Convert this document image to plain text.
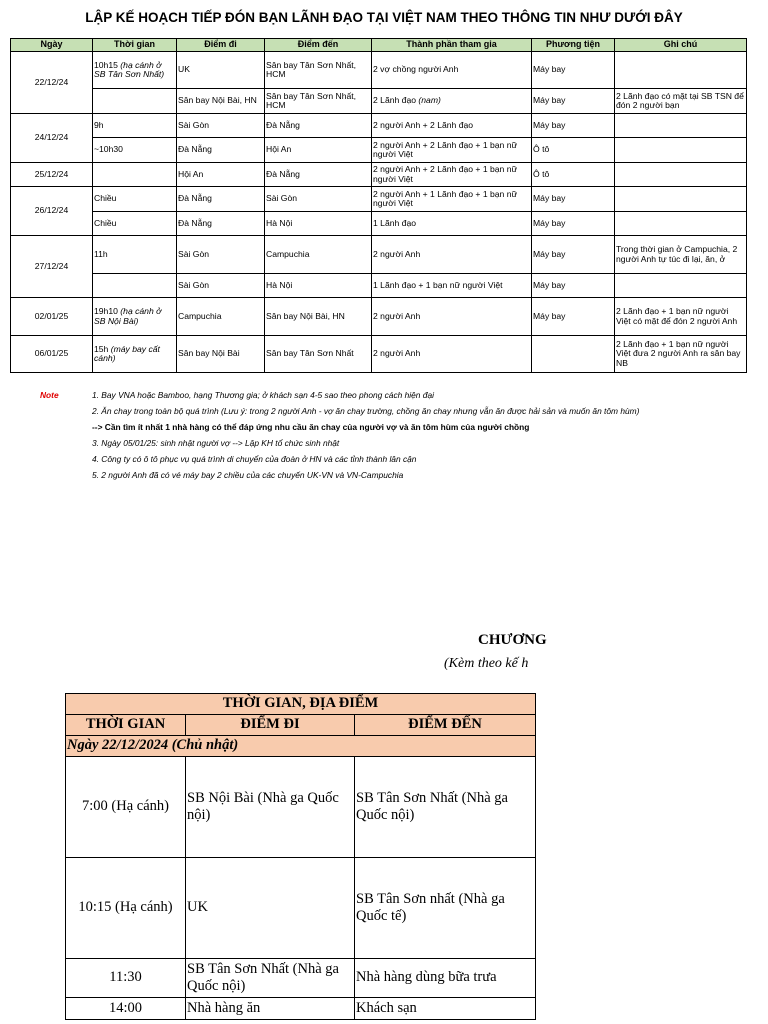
LẬP KẾ HOẠCH TIẾP ĐÓN BẠN LÃNH ĐẠO TẠI VIỆT NAM THEO THÔNG TIN NHƯ DƯỚI ĐÂY
Ngày	Thời gian	Điểm đi	Điểm đến	Thành phần tham gia	Phương tiện	Ghi chú
22/12/24	10h15 (hạ cánh ở SB Tân Sơn Nhất)	UK	Sân bay Tân Sơn Nhất, HCM	2 vợ chồng người Anh	Máy bay	
		Sân bay Nội Bài, HN	Sân bay Tân Sơn Nhất, HCM	2 Lãnh đạo (nam)	Máy bay	2 Lãnh đạo có mặt tại SB TSN để đón 2 người bạn
24/12/24	9h	Sài Gòn	Đà Nẵng	2 người Anh + 2 Lãnh đạo	Máy bay	
	~10h30	Đà Nẵng	Hội An	2 người Anh + 2 Lãnh đạo + 1 bạn nữ người Việt	Ô tô	
25/12/24		Hội An	Đà Nẵng	2 người Anh + 2 Lãnh đạo + 1 bạn nữ người Việt	Ô tô	
26/12/24	Chiều	Đà Nẵng	Sài Gòn	2 người Anh + 1 Lãnh đạo + 1 bạn nữ người Việt	Máy bay	
	Chiều	Đà Nẵng	Hà Nội	1 Lãnh đạo	Máy bay	
27/12/24	11h	Sài Gòn	Campuchia	2 người Anh	Máy bay	Trong thời gian ở Campuchia, 2 người Anh tự túc đi lại, ăn, ở
		Sài Gòn	Hà Nội	1 Lãnh đạo + 1 bạn nữ người Việt	Máy bay	
02/01/25	19h10 (hạ cánh ở SB Nội Bài)	Campuchia	Sân bay Nội Bài, HN	2 người Anh	Máy bay	2 Lãnh đạo + 1 bạn nữ người Việt có mặt để đón 2 người Anh
06/01/25	15h (máy bay cất cánh)	Sân bay Nội Bài	Sân bay Tân Sơn Nhất	2 người Anh		2 Lãnh đạo + 1 bạn nữ người Việt đưa 2 người Anh ra sân bay NB
Note	1. Bay VNA hoặc Bamboo, hạng Thương gia; ở khách sạn 4-5 sao theo phong cách hiện đại
2. Ăn chay trong toàn bộ quá trình (Lưu ý: trong 2 người Anh - vợ ăn chay trường, chồng ăn chay nhưng vẫn ăn được hải sản và muốn ăn tôm hùm)
--> Cần tìm ít nhất 1 nhà hàng có thể đáp ứng nhu cầu ăn chay của người vợ và ăn tôm hùm của người chồng
3. Ngày 05/01/25: sinh nhật người vợ --> Lập KH tổ chức sinh nhật
4. Công ty có ô tô phục vụ quá trình di chuyển của đoàn ở HN và các tỉnh thành lân cận
5. 2 người Anh đã có vé máy bay 2 chiều của các chuyến UK-VN và VN-Campuchia
CHƯƠNG
(Kèm theo kế h
THỜI GIAN, ĐỊA ĐIỂM		
THỜI GIAN	ĐIỂM ĐI	ĐIỂM ĐẾN
Ngày 22/12/2024 (Chủ nhật)		
7:00 (Hạ cánh)	SB Nội Bài (Nhà ga Quốc nội)	SB Tân Sơn Nhất (Nhà ga Quốc nội)
10:15 (Hạ cánh)	UK	SB Tân Sơn nhất (Nhà ga Quốc tế)
11:30	SB Tân Sơn Nhất (Nhà ga Quốc nội)	Nhà hàng dùng bữa trưa
14:00	Nhà hàng ăn	Khách sạn
